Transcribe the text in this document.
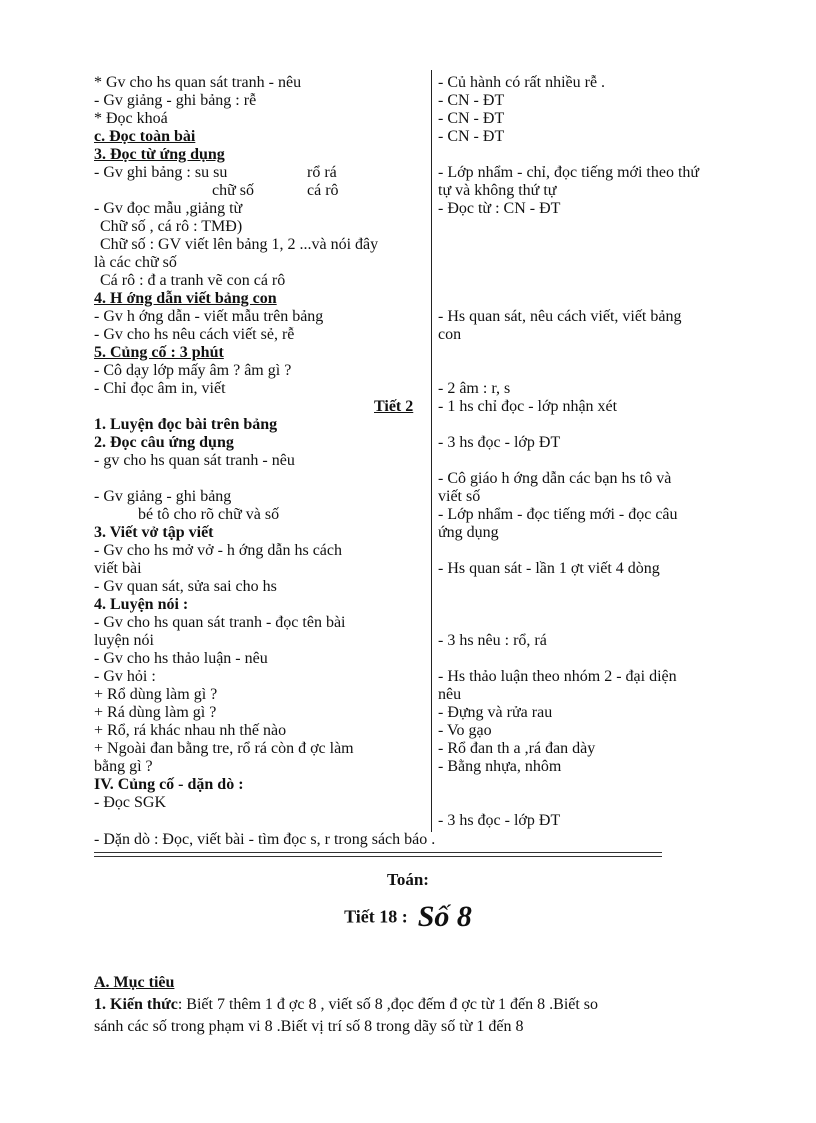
* Gv cho hs quan sát tranh - nêu
- Gv giảng - ghi bảng : rễ
* Đọc khoá
c. Đọc toàn bài
3. Đọc từ ứng dụng
- Gv ghi bảng : su su	rổ rá
chữ số	cá rô
- Gv đọc mẫu ,giảng từ
Chữ số , cá rô : TMĐ)
Chữ số : GV viết lên bảng 1, 2 ...và nói đây
là các chữ số
Cá rô : đ a tranh vẽ con cá rô
4. H ớng dẫn viết bảng con
- Gv h ớng dẫn - viết mẫu trên bảng
- Gv cho hs nêu cách viết sẻ, rễ
5. Củng cố : 3 phút
- Cô dạy lớp mấy âm ? âm gì ?
- Chỉ đọc âm in, viết
Tiết 2
1. Luyện đọc bài trên bảng
2. Đọc câu ứng dụng
- gv cho hs quan sát tranh - nêu
- Gv giảng - ghi bảng
bé tô cho rõ chữ và số
3. Viết vở tập viết
- Gv cho hs mở vở - h ớng dẫn hs cách
viết bài
- Gv quan sát, sửa sai cho hs
4. Luyện nói :
- Gv cho hs quan sát tranh - đọc tên bài
luyện nói
- Gv cho hs thảo luận - nêu
- Gv hỏi :
+ Rổ dùng làm gì ?
+ Rá dùng làm gì ?
+ Rổ, rá khác nhau nh thế nào
+ Ngoài đan bằng tre, rổ rá còn đ ợc làm
bằng gì ?
IV. Củng cố - dặn dò :
- Đọc SGK
- Củ hành có rất nhiều rễ .
- CN - ĐT
- CN - ĐT
- CN - ĐT
- Lớp nhẩm - chỉ, đọc tiếng mới theo thứ
tự và không thứ tự
- Đọc từ : CN - ĐT
- Hs quan sát, nêu cách viết, viết bảng
con
- 2 âm : r, s
- 1 hs chỉ đọc - lớp nhận xét
- 3 hs đọc - lớp ĐT
- Cô giáo h ớng dẫn các bạn hs tô và
viết số
- Lớp nhẩm - đọc tiếng mới - đọc câu
ứng dụng
- Hs quan sát - lần 1 ợt viết 4 dòng
- 3 hs nêu : rổ, rá
- Hs thảo luận theo nhóm 2 - đại diện
nêu
- Đựng và rửa rau
- Vo gạo
- Rổ đan th a ,rá đan dày
- Bằng nhựa, nhôm
- 3 hs đọc - lớp ĐT
- Dặn dò : Đọc, viết bài - tìm đọc s, r trong sách báo .
Toán:
Tiết 18 : Số 8
A. Mục tiêu
1. Kiến thức: Biết 7 thêm 1 đ ợc 8 , viết số 8 ,đọc đếm đ ợc từ 1 đến 8 .Biết so
sánh các số trong phạm vi 8 .Biết vị trí số 8 trong dãy số từ 1 đến 8
